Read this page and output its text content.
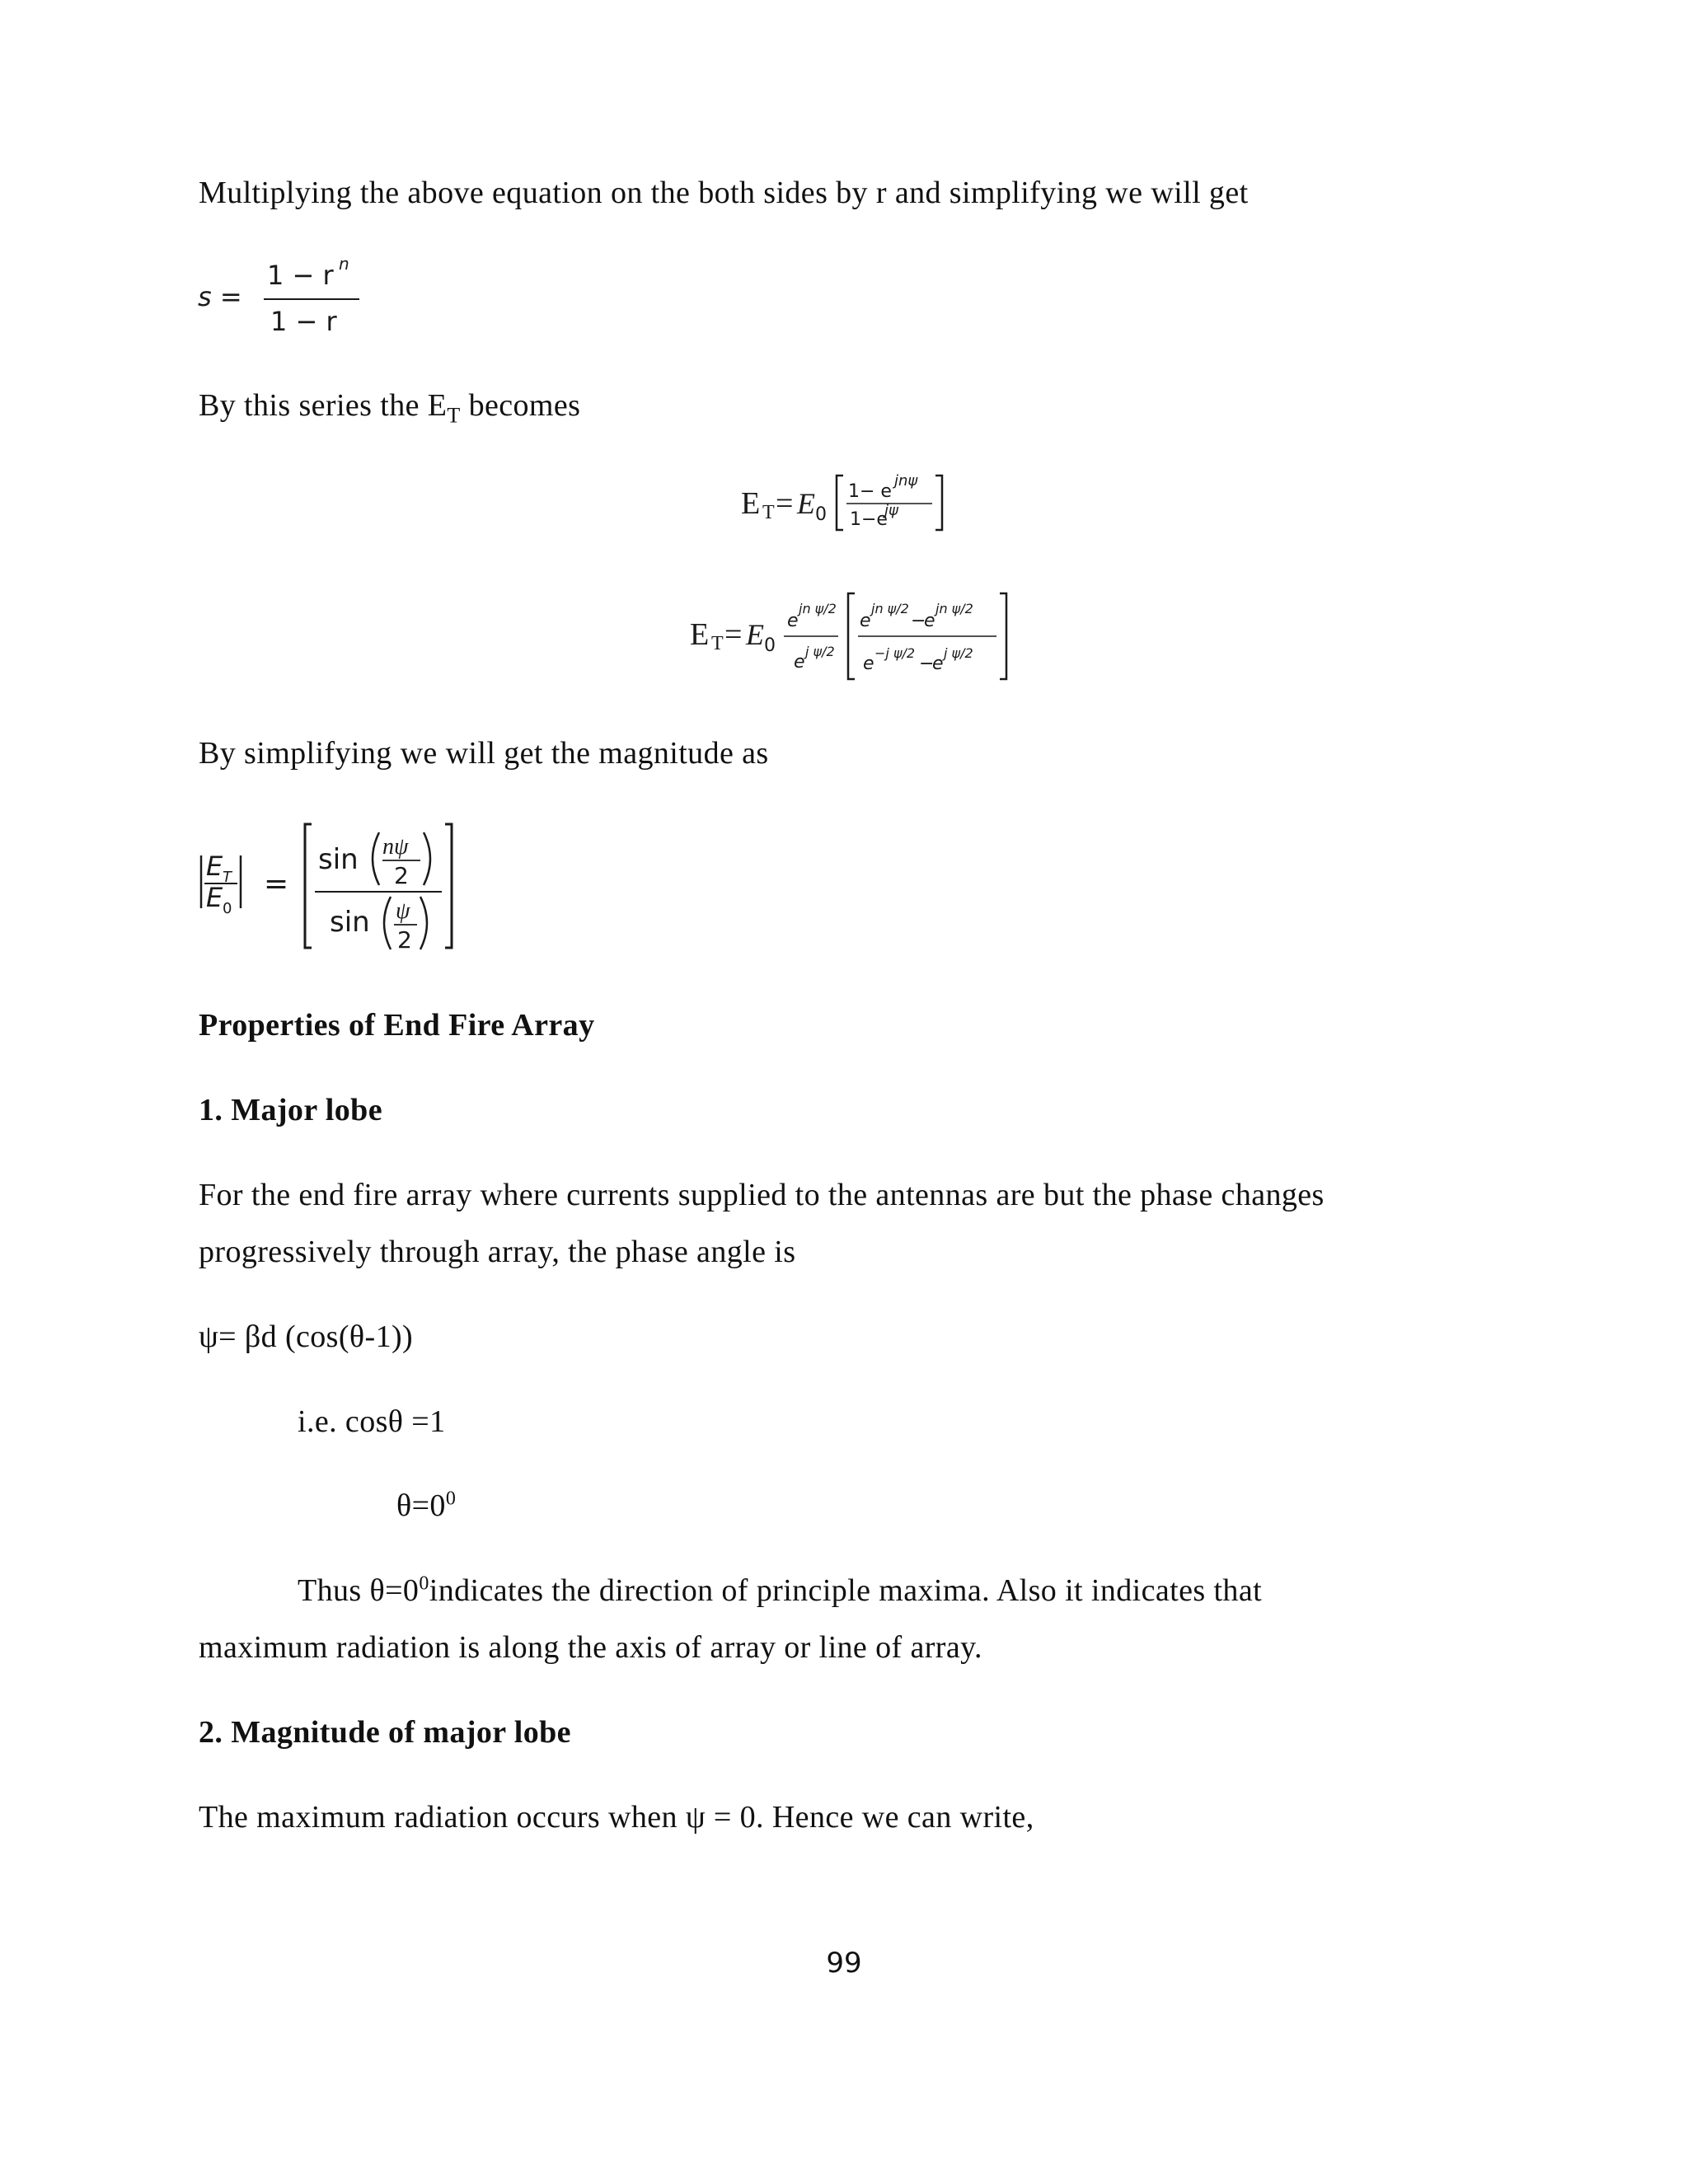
Multiplying the above equation on the both sides by r and simplifying we will get
s =
1 − r n
1 − r
By this series the $E_T$ becomes
E T = E 0
1− e
jnψ
1−e
jψ
E T = E 0
e
jn ψ/2
e
j ψ/2
e
jn ψ/2
−
e
jn ψ/2
e
−j ψ/2
−
e
j ψ/2
By simplifying we will get the magnitude as
E T
E 0
=
sin nψ
2
sin ψ
2
Properties of End Fire Array
1. Major lobe
For the end fire array where currents supplied to the antennas are but the phase changes
progressively through array, the phase angle is
ψ= βd (cos(θ-1))
i.e. cosθ =1
$\theta=0^0$
Thus $\theta=0^0indicates$ the direction of principle maxima. Also it indicates that
maximum radiation is along the axis of array or line of array.
2. Magnitude of major lobe
The maximum radiation occurs when ψ = 0. Hence we can write,
99
